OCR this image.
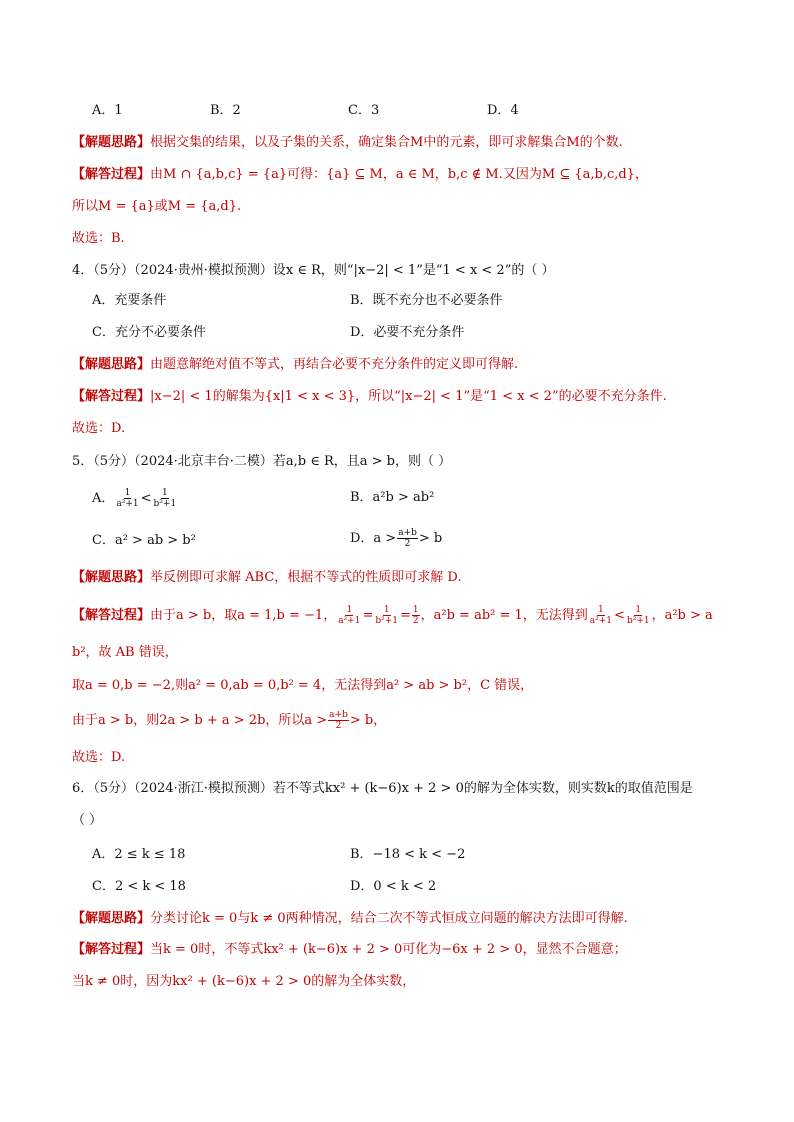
A．1	B．2	C．3	D．4
【解题思路】根据交集的结果，以及子集的关系，确定集合M中的元素，即可求解集合M的个数.
【解答过程】由M ∩ {a,b,c} = {a}可得：{a} ⊆ M，a ∈ M，b,c ∉ M.又因为M ⊆ {a,b,c,d}，
所以M = {a}或M = {a,d}.
故选：B.
4．（5分）（2024·贵州·模拟预测）设x ∈ R，则“|x−2| < 1”是“1 < x < 2”的（ ）
A．充要条件	B．既不充分也不必要条件
C．充分不必要条件	D．必要不充分条件
【解题思路】由题意解绝对值不等式，再结合必要不充分条件的定义即可得解.
【解答过程】|x−2| < 1的解集为{x|1 < x < 3}，所以“|x−2| < 1”是“1 < x < 2”的必要不充分条件.
故选：D.
5．（5分）（2024·北京丰台·二模）若a,b ∈ R，且a > b，则（ ）
A． $\frac{1}{\text{a²+1}} < \frac{1}{\text{b²+1}}$	B．a²b > ab²
C．a² > ab > b²	D．$a > \frac{a+b}{2} > b$
【解题思路】举反例即可求解 ABC，根据不等式的性质即可求解 D.
【解答过程】由于a > b，取a = 1,b = −1， $\frac{1}{\text{a²+1}} = \frac{1}{\text{b²+1}} = \frac{1}{2}$ ，a²b = ab² = 1，无法得到 $\frac{1}{\text{a²+1}} < \frac{1}{\text{b²+1}}$ ，a²b > a
b²，故 AB 错误，
取a = 0,b = −2,则a² = 0,ab = 0,b² = 4，无法得到a² > ab > b²，C 错误，
由于a > b，则2a > b + a > 2b，所以$a > \frac{a+b}{2} > b$，
故选：D.
6．（5分）（2024·浙江·模拟预测）若不等式kx² + (k−6)x + 2 > 0的解为全体实数，则实数k的取值范围是
（ ）
A．2 ≤ k ≤ 18	B．−18 < k < −2
C．2 < k < 18	D．0 < k < 2
【解题思路】分类讨论k = 0与k ≠ 0两种情况，结合二次不等式恒成立问题的解决方法即可得解.
【解答过程】当k = 0时，不等式kx² + (k−6)x + 2 > 0可化为−6x + 2 > 0，显然不合题意；
当k ≠ 0时，因为kx² + (k−6)x + 2 > 0的解为全体实数，
